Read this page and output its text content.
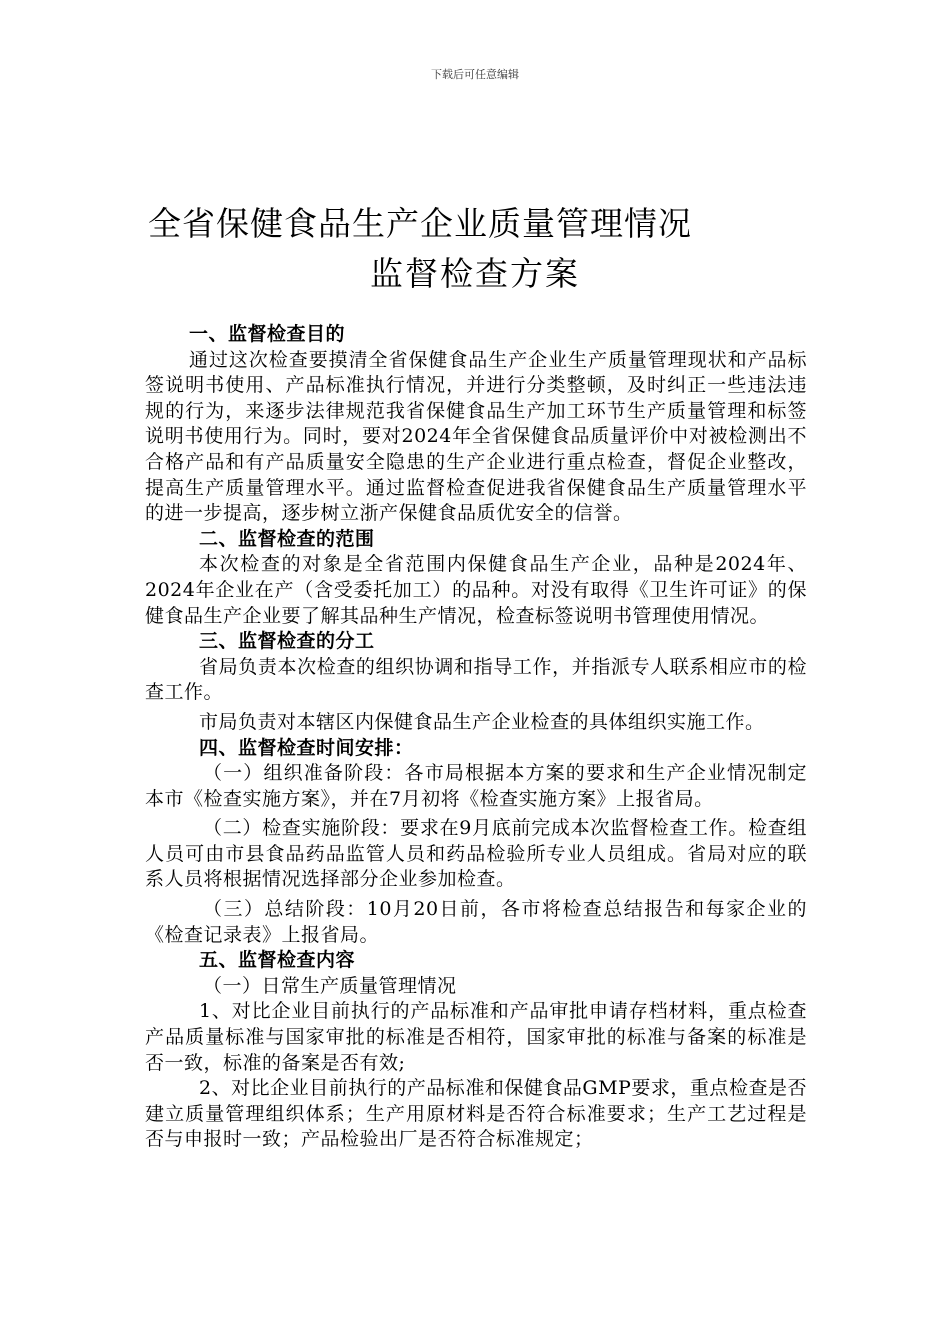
下载后可任意编辑
全省保健食品生产企业质量管理情况
监督检查方案

一、监督检查目的

通过这次检查要摸清全省保健食品生产企业生产质量管理现状和产品标签说明书使用、产品标准执行情况，并进行分类整顿，及时纠正一些违法违规的行为，来逐步法律规范我省保健食品生产加工环节生产质量管理和标签说明书使用行为。同时，要对2024年全省保健食品质量评价中对被检测出不合格产品和有产品质量安全隐患的生产企业进行重点检查，督促企业整改，提高生产质量管理水平。通过监督检查促进我省保健食品生产质量管理水平的进一步提高，逐步树立浙产保健食品质优安全的信誉。

二、监督检查的范围

本次检查的对象是全省范围内保健食品生产企业，品种是2024年、2024年企业在产（含受委托加工）的品种。对没有取得《卫生许可证》的保健食品生产企业要了解其品种生产情况，检查标签说明书管理使用情况。

三、监督检查的分工

省局负责本次检查的组织协调和指导工作，并指派专人联系相应市的检查工作。

市局负责对本辖区内保健食品生产企业检查的具体组织实施工作。

四、监督检查时间安排：

（一）组织准备阶段：各市局根据本方案的要求和生产企业情况制定本市《检查实施方案》，并在7月初将《检查实施方案》上报省局。

（二）检查实施阶段：要求在9月底前完成本次监督检查工作。检查组人员可由市县食品药品监管人员和药品检验所专业人员组成。省局对应的联系人员将根据情况选择部分企业参加检查。

（三）总结阶段：10月20日前，各市将检查总结报告和每家企业的《检查记录表》上报省局。

五、监督检查内容

（一）日常生产质量管理情况

1、对比企业目前执行的产品标准和产品审批申请存档材料，重点检查产品质量标准与国家审批的标准是否相符，国家审批的标准与备案的标准是否一致，标准的备案是否有效;

2、对比企业目前执行的产品标准和保健食品GMP要求，重点检查是否建立质量管理组织体系；生产用原材料是否符合标准要求；生产工艺过程是否与申报时一致；产品检验出厂是否符合标准规定；
